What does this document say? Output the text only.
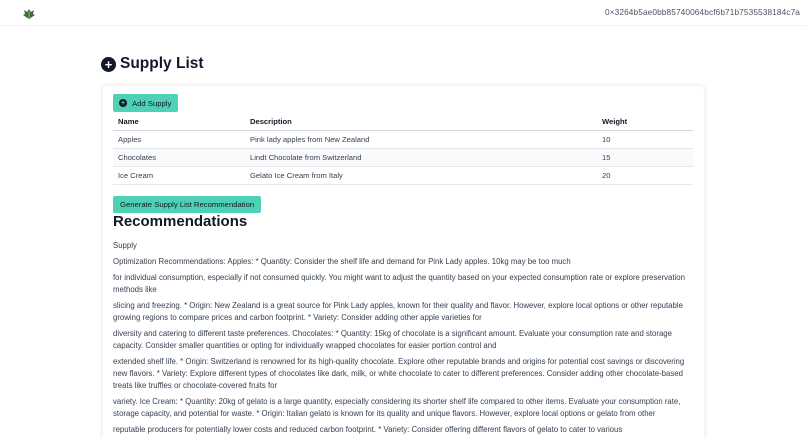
0×3264b5ae0bb85740064bcf6b71b7535538184c7a
+ Supply List
+ Add Supply
Name	Description	Weight
Apples	Pink lady apples from New Zealand	10
Chocolates	Lindt Chocolate from Switzerland	15
Ice Cream	Gelato Ice Cream from Italy	20
Generate Supply List Recommendation
Recommendations

Supply

Optimization Recommendations: Apples: * Quantity: Consider the shelf life and demand for Pink Lady apples. 10kg may be too much

for individual consumption, especially if not consumed quickly. You might want to adjust the quantity based on your expected consumption rate or explore preservation methods like

slicing and freezing. * Origin: New Zealand is a great source for Pink Lady apples, known for their quality and flavor. However, explore local options or other reputable growing regions to compare prices and carbon footprint. * Variety: Consider adding other apple varieties for

diversity and catering to different taste preferences. Chocolates: * Quantity: 15kg of chocolate is a significant amount. Evaluate your consumption rate and storage capacity. Consider smaller quantities or opting for individually wrapped chocolates for easier portion control and

extended shelf life. * Origin: Switzerland is renowned for its high-quality chocolate. Explore other reputable brands and origins for potential cost savings or discovering new flavors. * Variety: Explore different types of chocolates like dark, milk, or white chocolate to cater to different preferences. Consider adding other chocolate-based treats like truffles or chocolate-covered fruits for

variety. Ice Cream: * Quantity: 20kg of gelato is a large quantity, especially considering its shorter shelf life compared to other items. Evaluate your consumption rate, storage capacity, and potential for waste. * Origin: Italian gelato is known for its quality and unique flavors. However, explore local options or gelato from other

reputable producers for potentially lower costs and reduced carbon footprint. * Variety: Consider offering different flavors of gelato to cater to various
